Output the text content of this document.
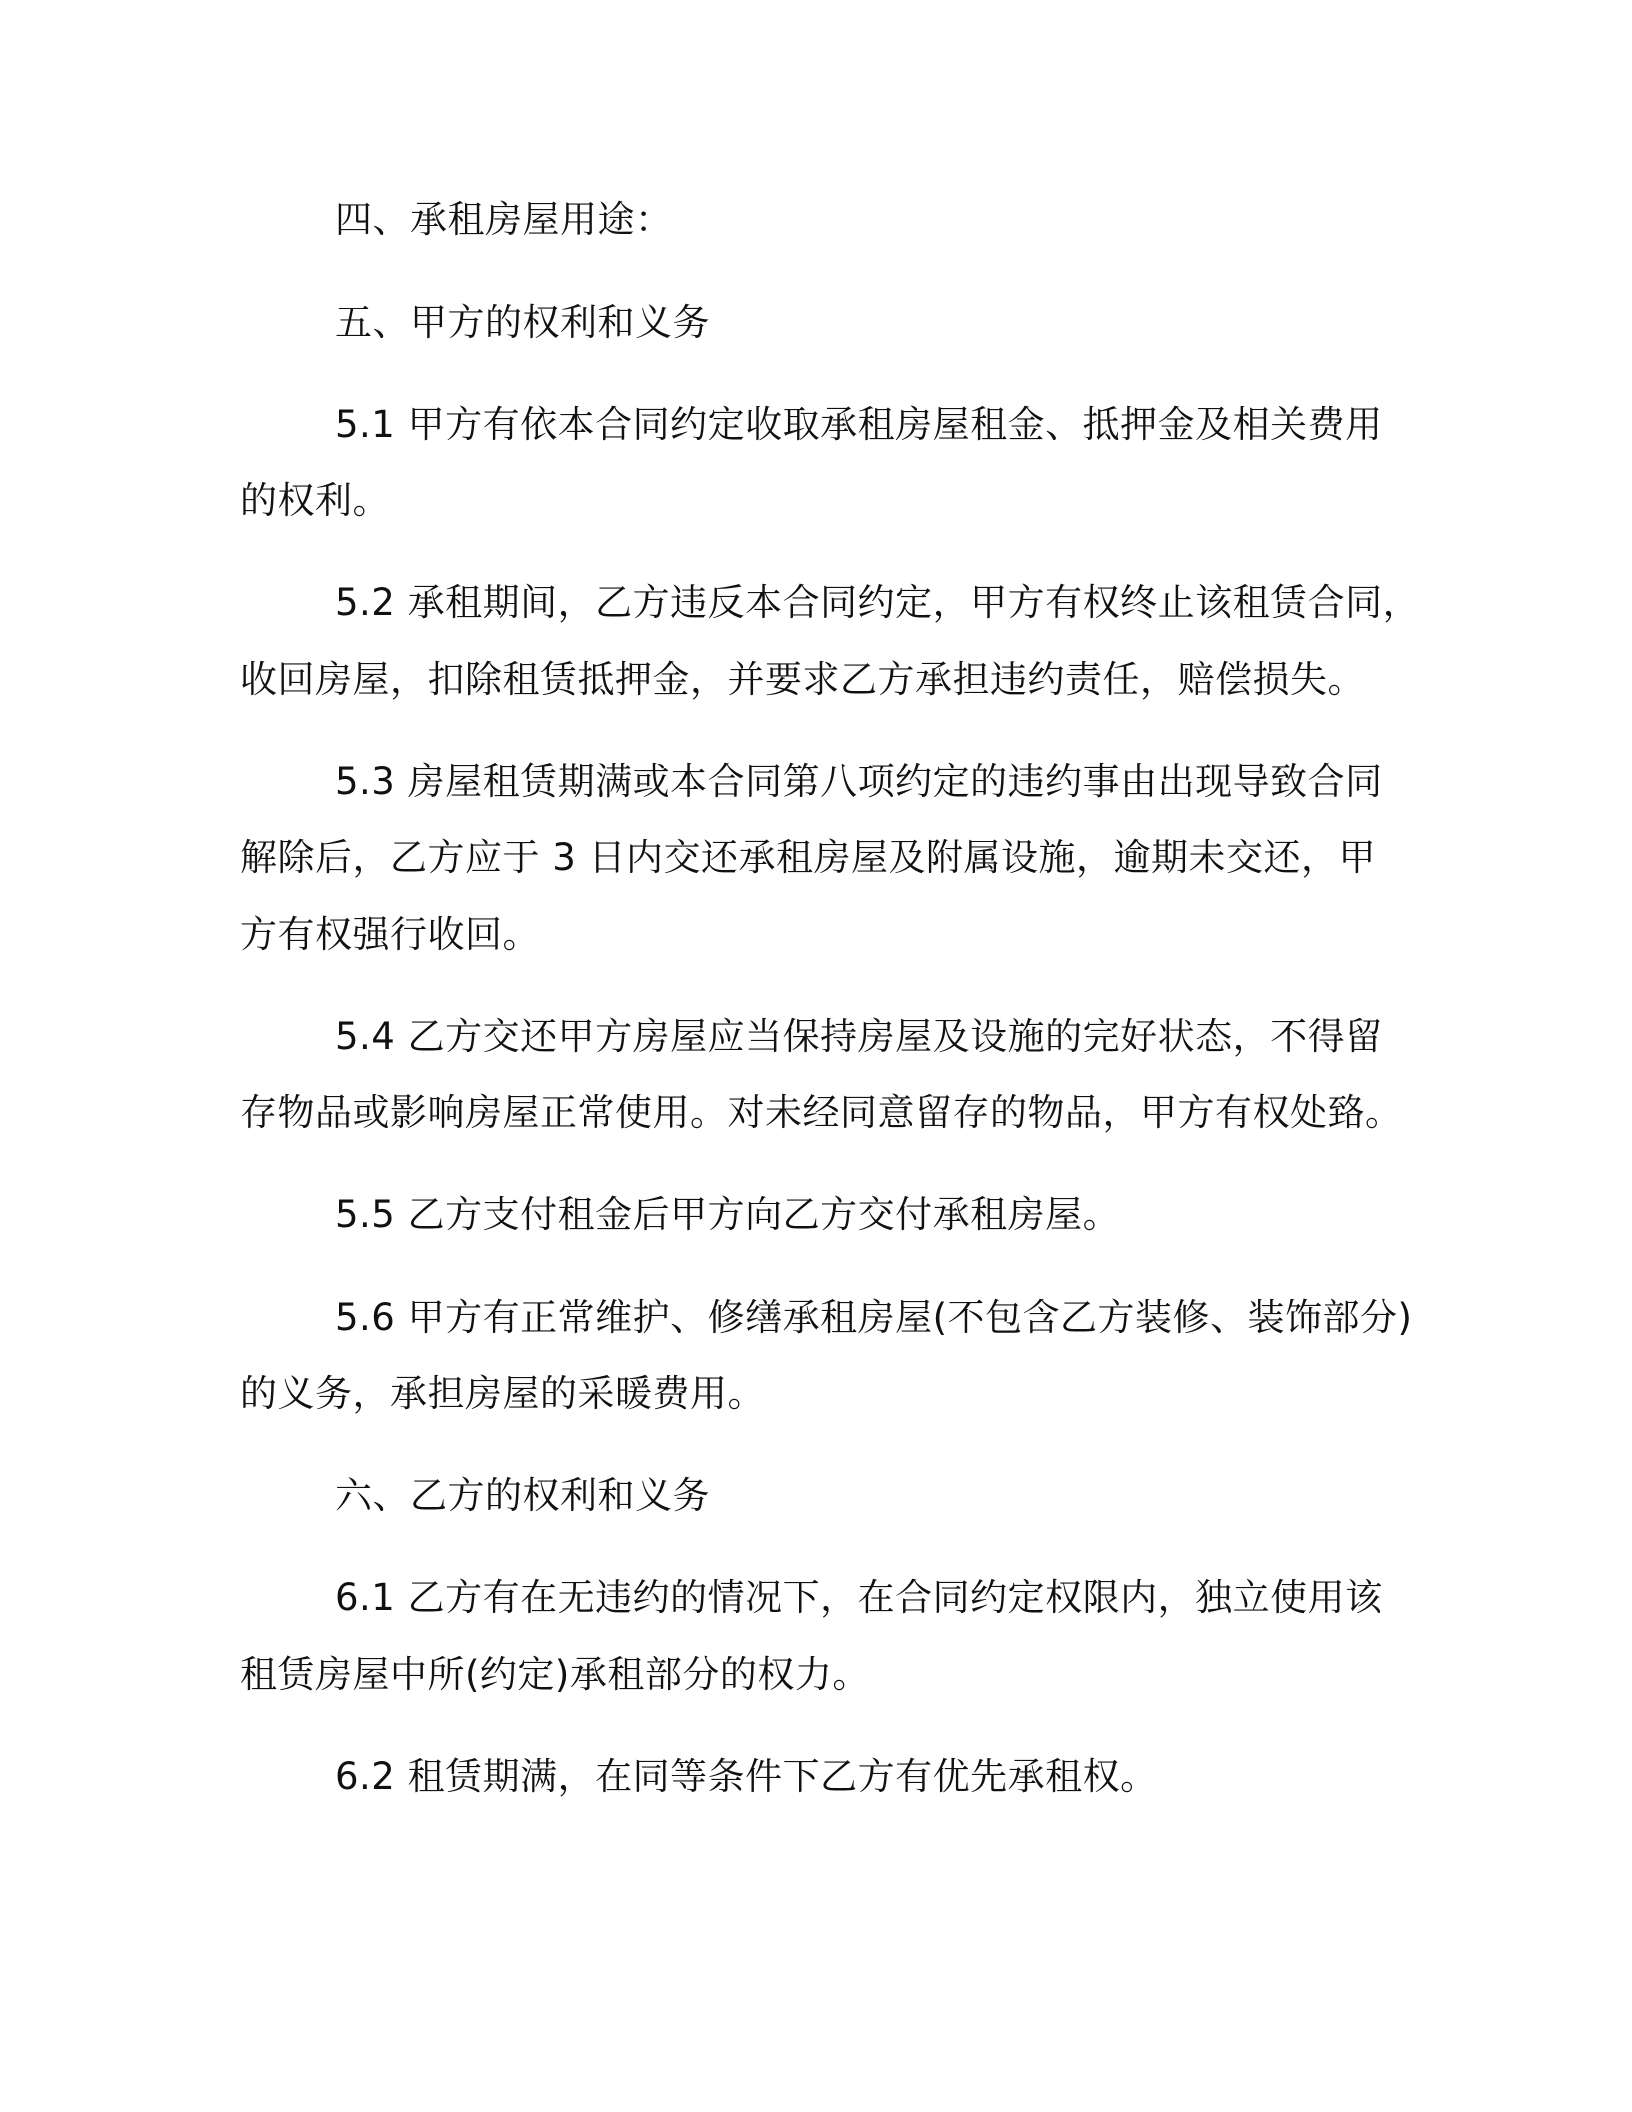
四、承租房屋用途：
五、甲方的权利和义务
5.1 甲方有依本合同约定收取承租房屋租金、抵押金及相关费用
的权利。
5.2 承租期间，乙方违反本合同约定，甲方有权终止该租赁合同，
收回房屋，扣除租赁抵押金，并要求乙方承担违约责任，赔偿损失。
5.3 房屋租赁期满或本合同第八项约定的违约事由出现导致合同
解除后，乙方应于 3 日内交还承租房屋及附属设施，逾期未交还，甲
方有权强行收回。
5.4 乙方交还甲方房屋应当保持房屋及设施的完好状态，不得留
存物品或影响房屋正常使用。对未经同意留存的物品，甲方有权处臵。
5.5 乙方支付租金后甲方向乙方交付承租房屋。
5.6 甲方有正常维护、修缮承租房屋(不包含乙方装修、装饰部分)
的义务，承担房屋的采暖费用。
六、乙方的权利和义务
6.1 乙方有在无违约的情况下，在合同约定权限内，独立使用该
租赁房屋中所(约定)承租部分的权力。
6.2 租赁期满，在同等条件下乙方有优先承租权。
